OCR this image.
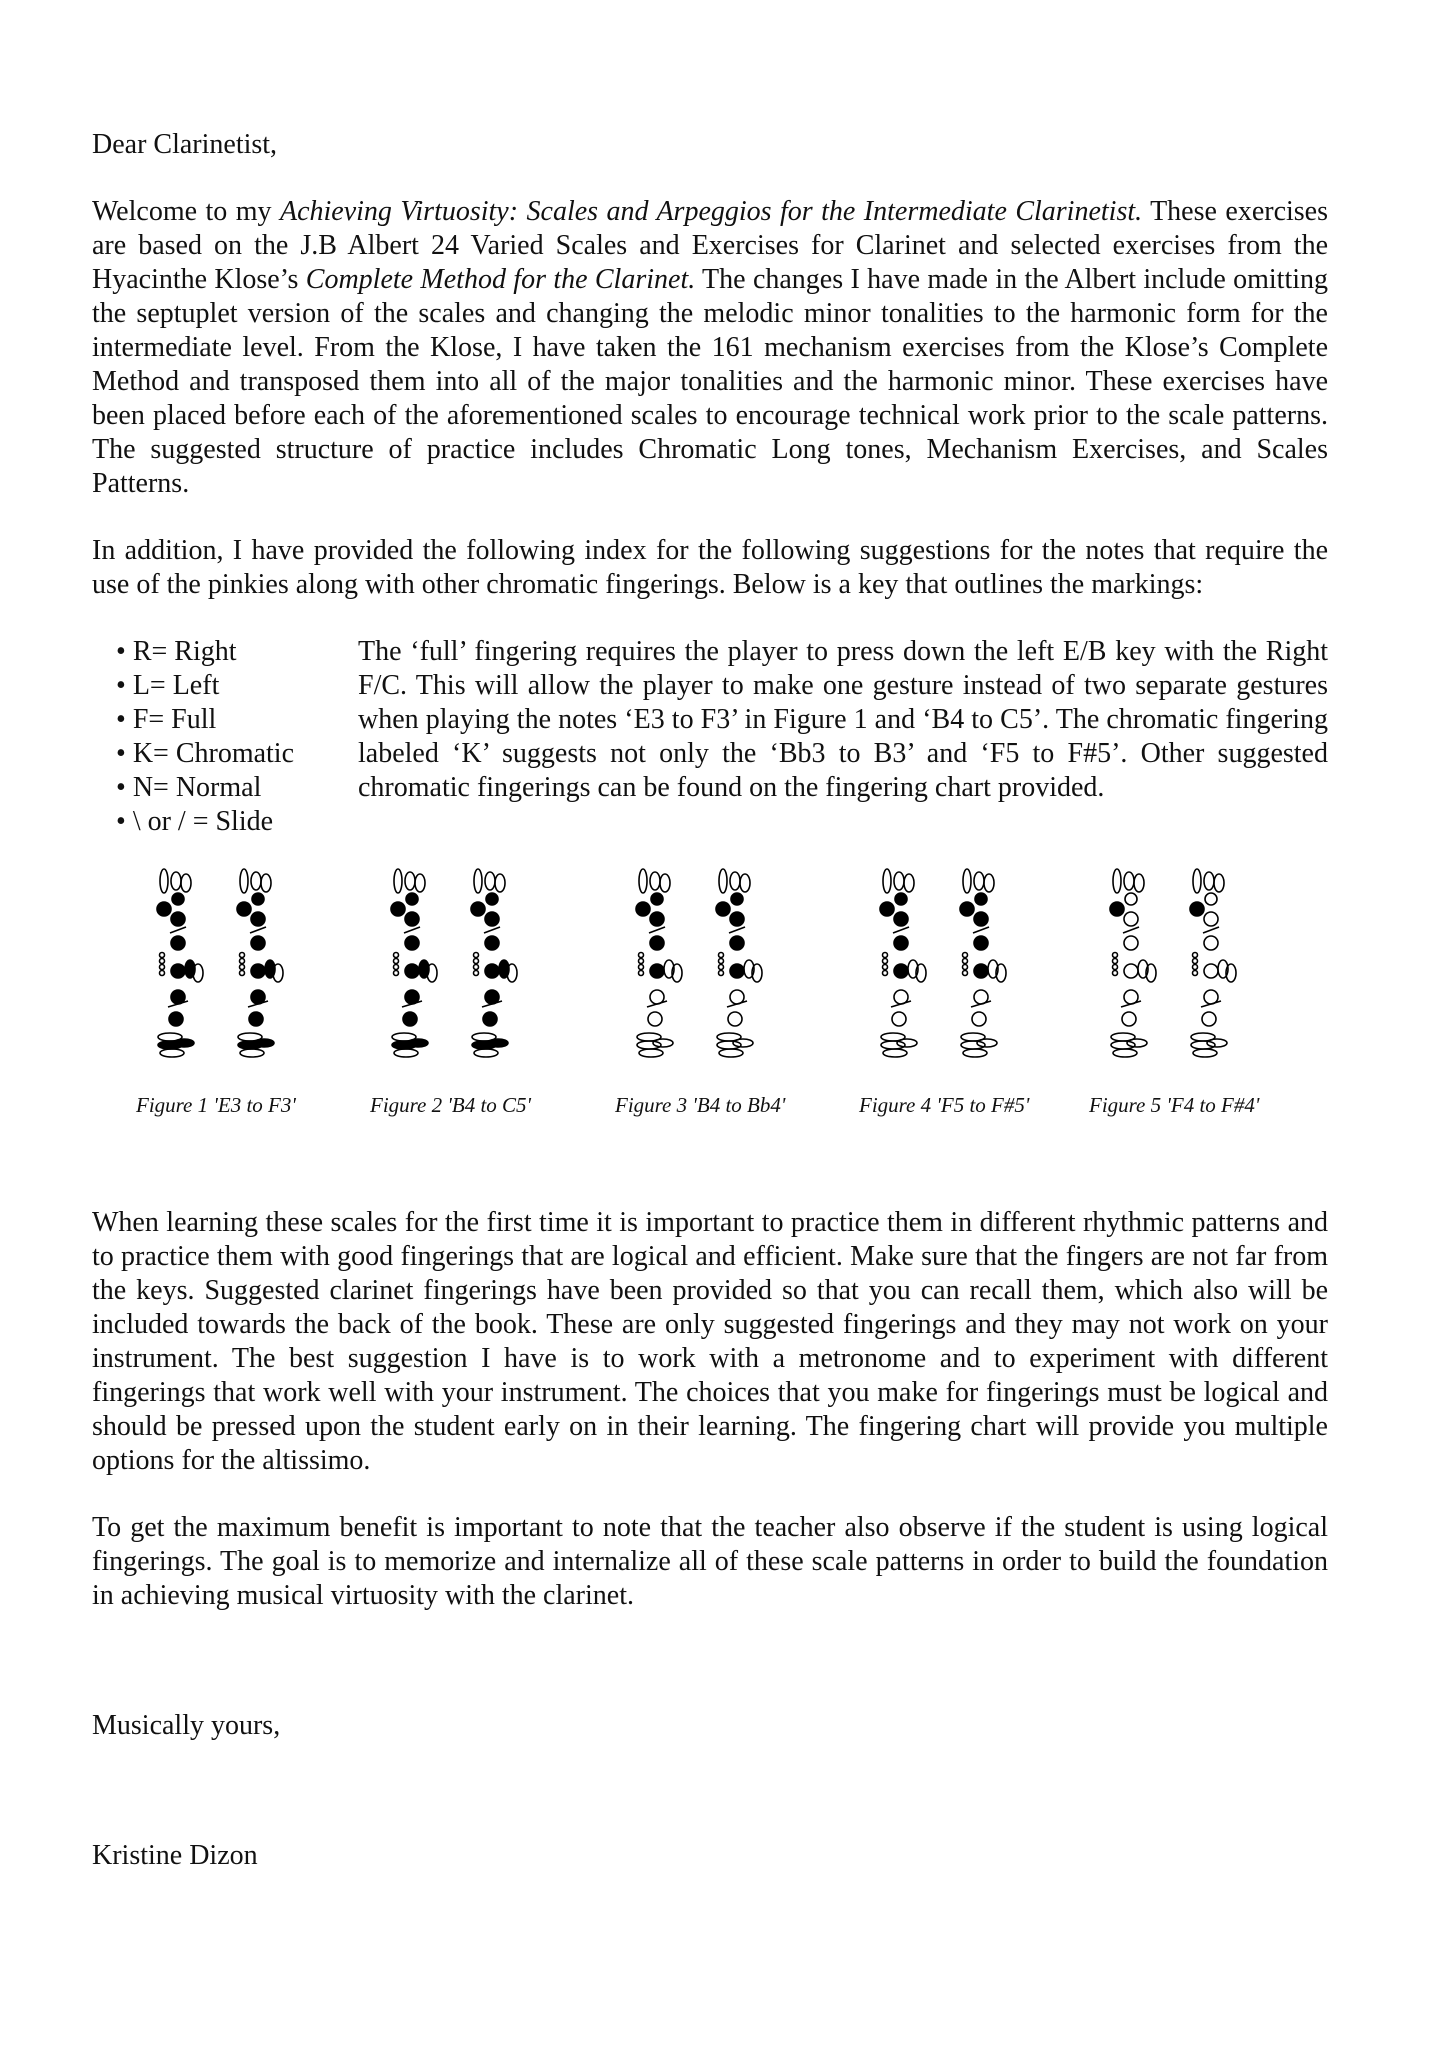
Dear Clarinetist,

Welcome to my Achieving Virtuosity: Scales and Arpeggios for the Intermediate Clarinetist. These exercises are based on the J.B Albert 24 Varied Scales and Exercises for Clarinet and selected exercises from the Hyacinthe Klose’s Complete Method for the Clarinet. The changes I have made in the Albert include omitting the septuplet version of the scales and changing the melodic minor tonalities to the harmonic form for the intermediate level. From the Klose, I have taken the 161 mechanism exercises from the Klose’s Complete Method and transposed them into all of the major tonalities and the harmonic minor. These exercises have been placed before each of the aforementioned scales to encourage technical work prior to the scale patterns. The suggested structure of practice includes Chromatic Long tones, Mechanism Exercises, and Scales Patterns.

In addition, I have provided the following index for the following suggestions for the notes that require the use of the pinkies along with other chromatic fingerings. Below is a key that outlines the markings:

• R= Right
• L= Left
• F= Full
• K= Chromatic
• N= Normal
• \ or / = Slide

The ‘full’ fingering requires the player to press down the left E/B key with the Right F/C. This will allow the player to make one gesture instead of two separate gestures when playing the notes ‘E3 to F3’ in Figure 1 and ‘B4 to C5’. The chromatic fingering labeled ‘K’ suggests not only the ‘Bb3 to B3’ and ‘F5 to F#5’. Other suggested chromatic fingerings can be found on the fingering chart provided.

Figure 1 'E3 to F3'	Figure 2 'B4 to C5'	Figure 3 'B4 to Bb4'	Figure 4 'F5 to F#5'	Figure 5 'F4 to F#4'

When learning these scales for the first time it is important to practice them in different rhythmic patterns and to practice them with good fingerings that are logical and efficient. Make sure that the fingers are not far from the keys. Suggested clarinet fingerings have been provided so that you can recall them, which also will be included towards the back of the book. These are only suggested fingerings and they may not work on your instrument. The best suggestion I have is to work with a metronome and to experiment with different fingerings that work well with your instrument. The choices that you make for fingerings must be logical and should be pressed upon the student early on in their learning. The fingering chart will provide you multiple options for the altissimo.

To get the maximum benefit is important to note that the teacher also observe if the student is using logical fingerings. The goal is to memorize and internalize all of these scale patterns in order to build the foundation in achieving musical virtuosity with the clarinet.

Musically yours,

Kristine Dizon
